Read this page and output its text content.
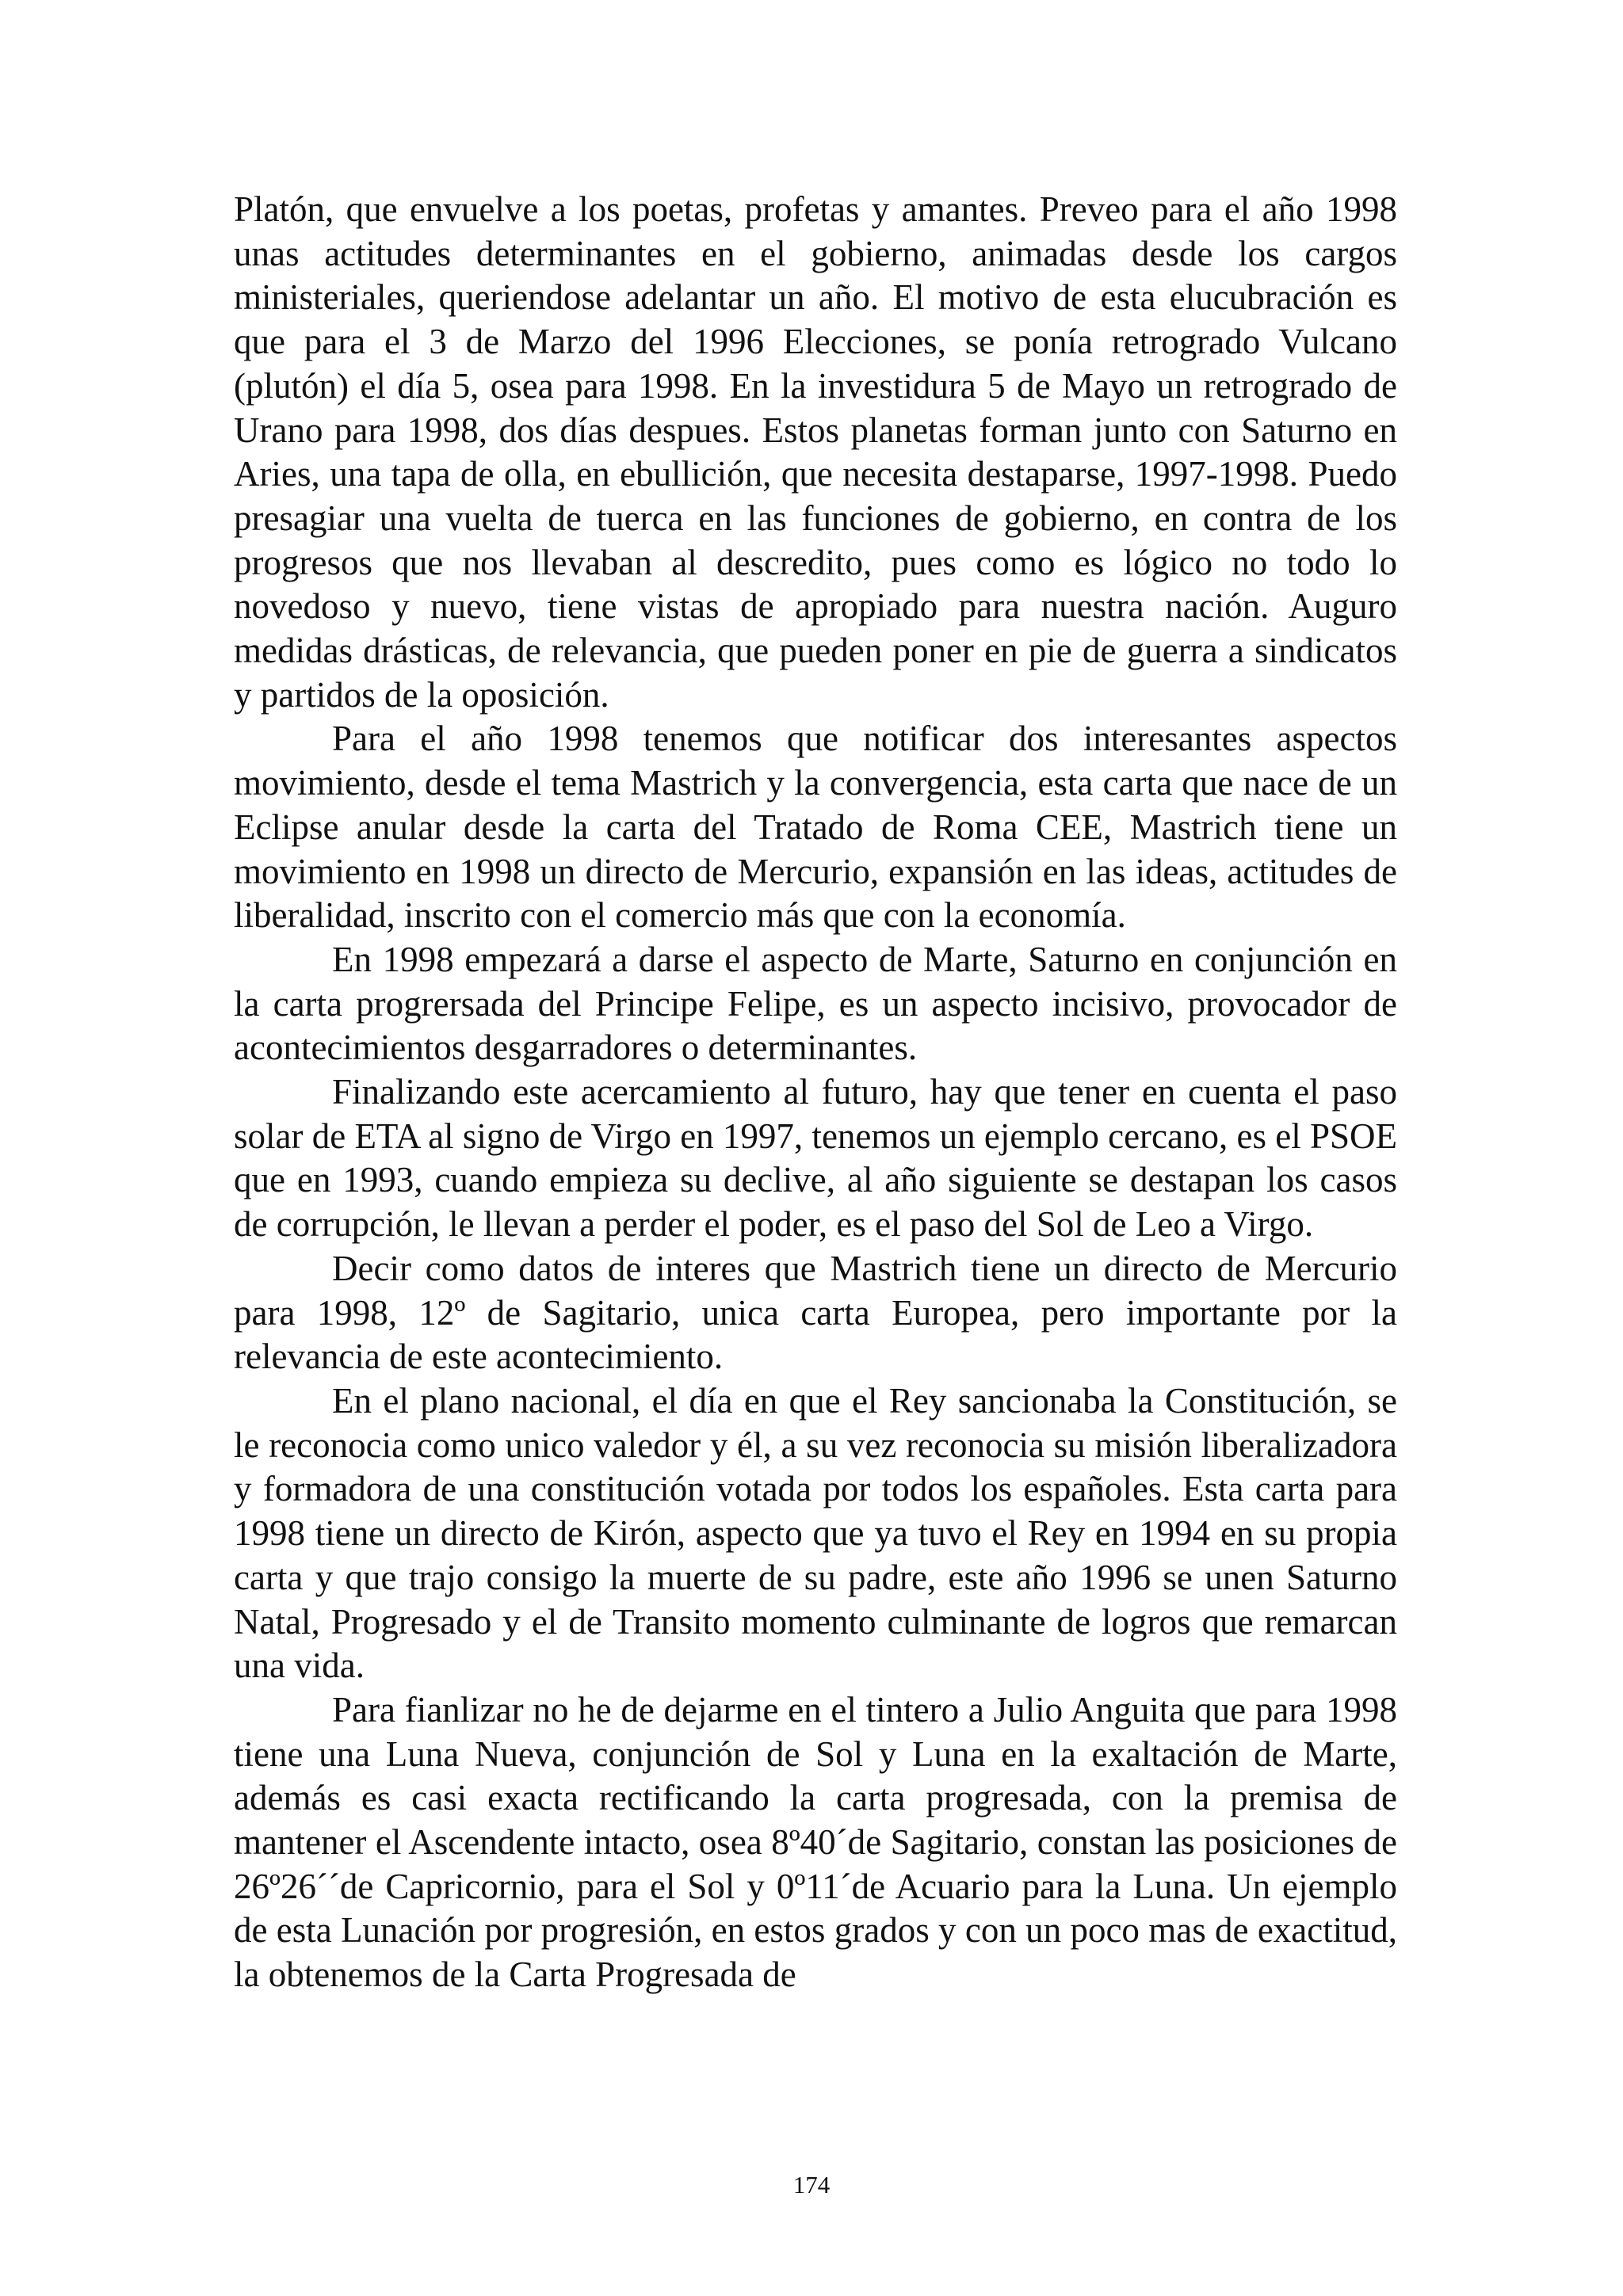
Platón, que envuelve a los poetas, profetas y amantes. Preveo para el año 1998 unas actitudes determinantes en el gobierno, animadas desde los cargos ministeriales, queriendose adelantar un año. El motivo de esta elucubración es que para el 3 de Marzo del 1996 Elecciones, se ponía retrogrado Vulcano (plutón) el día 5, osea para 1998. En la investidura 5 de Mayo un retrogrado de Urano para 1998, dos días despues. Estos planetas forman junto con Saturno en Aries, una tapa de olla, en ebullición, que necesita destaparse, 1997-1998. Puedo presagiar una vuelta de tuerca en las funciones de gobierno, en contra de los progresos que nos llevaban al descredito, pues como es lógico no todo lo novedoso y nuevo, tiene vistas de apropiado para nuestra nación. Auguro medidas drásticas, de relevancia, que pueden poner en pie de guerra a sindicatos y partidos de la oposición.

Para el año 1998 tenemos que notificar dos interesantes aspectos movimiento, desde el tema Mastrich y la convergencia, esta carta que nace de un Eclipse anular desde la carta del Tratado de Roma CEE, Mastrich tiene un movimiento en 1998 un directo de Mercurio, expansión en las ideas, actitudes de liberalidad, inscrito con el comercio más que con la economía.

En 1998 empezará a darse el aspecto de Marte, Saturno en conjunción en la carta progrersada del Principe Felipe, es un aspecto incisivo, provocador de acontecimientos desgarradores o determinantes.

Finalizando este acercamiento al futuro, hay que tener en cuenta el paso solar de ETA al signo de Virgo en 1997, tenemos un ejemplo cercano, es el PSOE que en 1993, cuando empieza su declive, al año siguiente se destapan los casos de corrupción, le llevan a perder el poder, es el paso del Sol de Leo a Virgo.

Decir como datos de interes que Mastrich tiene un directo de Mercurio para 1998, 12º de Sagitario, unica carta Europea, pero importante por la relevancia de este acontecimiento.

En el plano nacional, el día en que el Rey sancionaba la Constitución, se le reconocia como unico valedor y él, a su vez reconocia su misión liberalizadora y formadora de una constitución votada por todos los españoles. Esta carta para 1998 tiene un directo de Kirón, aspecto que ya tuvo el Rey en 1994 en su propia carta y que trajo consigo la muerte de su padre, este año 1996 se unen Saturno Natal, Progresado y el de Transito momento culminante de logros que remarcan una vida.

Para fianlizar no he de dejarme en el tintero a Julio Anguita que para 1998 tiene una Luna Nueva, conjunción de Sol y Luna en la exaltación de Marte, además es casi exacta rectificando la carta progresada, con la premisa de mantener el Ascendente intacto, osea 8º40´de Sagitario, constan las posiciones de 26º26´´de Capricornio, para el Sol y 0º11´de Acuario para la Luna. Un ejemplo de esta Lunación por progresión, en estos grados y con un poco mas de exactitud, la obtenemos de la Carta Progresada de

174
